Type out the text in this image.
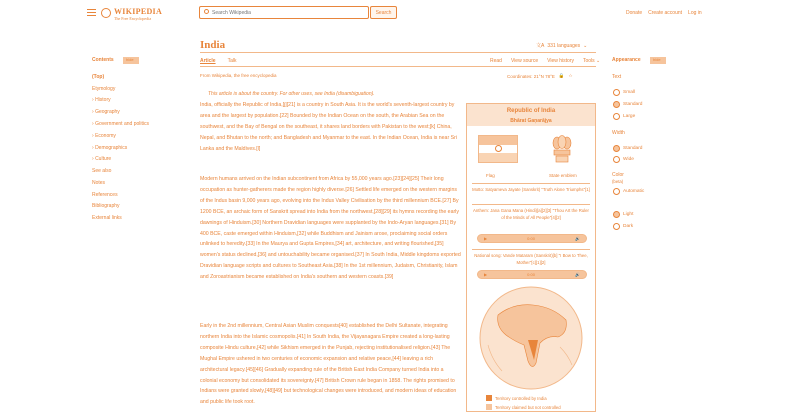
WIKIPEDIA
The Free Encyclopedia
Search Wikipedia
Search	Donate Create account Log in
Contents	hide
(Top)
Etymology
› History
› Geography
› Government and politics
› Economy
› Demographics
› Culture
See also
Notes
References
Bibliography
External links
India	文A 331 languages ⌄
Article Talk	Read View source View history Tools ⌄
From Wikipedia, the free encyclopedia	Coordinates: 21°N 78°E 🔒 ☆
This article is about the country. For other uses, see India (disambiguation).
India, officially the Republic of India,[j][21] is a country in South Asia. It is the world's seventh-largest country by area and the largest by population.[22] Bounded by the Indian Ocean on the south, the Arabian Sea on the southwest, and the Bay of Bengal on the southeast, it shares land borders with Pakistan to the west;[k] China, Nepal, and Bhutan to the north; and Bangladesh and Myanmar to the east. In the Indian Ocean, India is near Sri Lanka and the Maldives.[l]
Modern humans arrived on the Indian subcontinent from Africa by 55,000 years ago.[23][24][25] Their long occupation as hunter-gatherers made the region highly diverse.[26] Settled life emerged on the western margins of the Indus basin 9,000 years ago, evolving into the Indus Valley Civilisation by the third millennium BCE.[27] By 1200 BCE, an archaic form of Sanskrit spread into India from the northwest,[28][29] its hymns recording the early dawnings of Hinduism.[30] Northern Dravidian languages were supplanted by the Indo-Aryan languages.[31] By 400 BCE, caste emerged within Hinduism,[32] while Buddhism and Jainism arose, proclaiming social orders unlinked to heredity.[33] In the Maurya and Gupta Empires,[34] art, architecture, and writing flourished,[35] women's status declined,[36] and untouchability became organised.[37] In South India, Middle kingdoms exported Dravidian language scripts and cultures to Southeast Asia.[38] In the 1st millennium, Judaism, Christianity, Islam and Zoroastrianism became established on India's southern and western coasts.[39]
Early in the 2nd millennium, Central Asian Muslim conquests[40] established the Delhi Sultanate, integrating northern India into the Islamic cosmopolis.[41] In South India, the Vijayanagara Empire created a long-lasting composite Hindu culture,[42] while Sikhism emerged in the Punjab, rejecting institutionalised religion.[43] The Mughal Empire ushered in two centuries of economic expansion and relative peace,[44] leaving a rich architectural legacy.[45][46] Gradually expanding rule of the British East India Company turned India into a colonial economy but consolidated its sovereignty.[47] British Crown rule began in 1858. The rights promised to Indians were granted slowly,[48][49] but technological changes were introduced, and modern ideas of education and public life took root.
Republic of India
Bhārat Gaṇarājya
Flag	State emblem
Motto: Satyameva Jayate (Sanskrit) "Truth Alone Triumphs"[1]
Anthem: Jana Gana Mana (Hindi)[a][2][3] "Thou Art the Ruler of the Minds of All People"[4][2]
▶	0:00	🔊
National song: Vande Mataram (Sanskrit)[b] "I Bow to Thee, Mother"[c][1][2]
▶	0:00	🔊
Territory controlled by India
Territory claimed but not controlled
Appearance	hide
Text
Small
Standard
Large
Width
Standard
Wide
Color
(beta)
Automatic
Light
Dark
